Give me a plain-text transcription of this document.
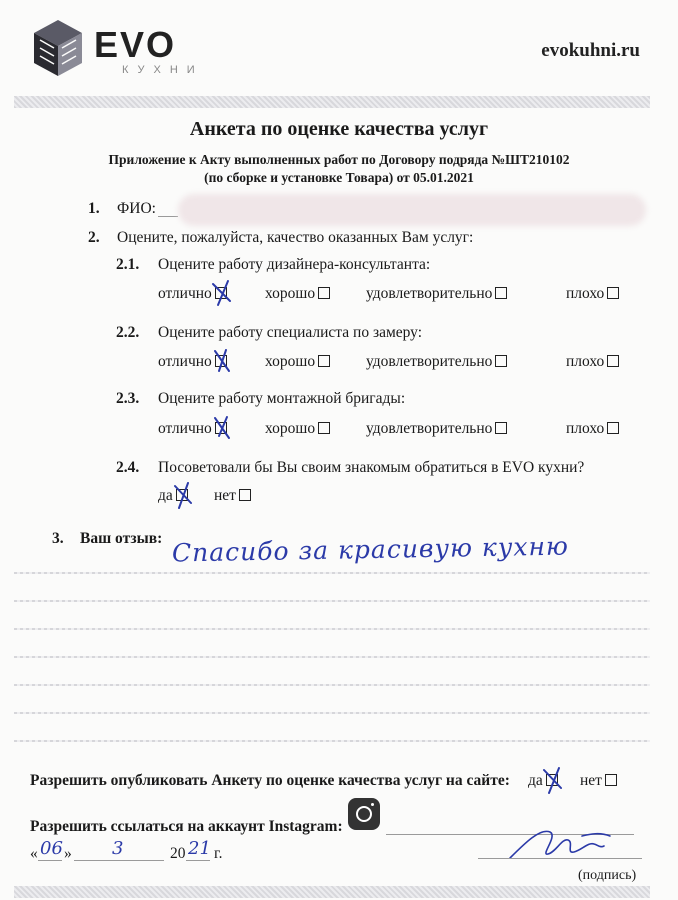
EVO
КУХНИ
evokuhni.ru
Анкета по оценке качества услуг
Приложение к Акту выполненных работ по Договору подряда №ШТ210102
(по сборке и установке Товара) от 05.01.2021
1. ФИО:
2. Оцените, пожалуйста, качество оказанных Вам услуг:
2.1. Оцените работу дизайнера-консультанта:
отлично	хорошо	удовлетворительно	плохо
2.2. Оцените работу специалиста по замеру:
отлично	хорошо	удовлетворительно	плохо
2.3. Оцените работу монтажной бригады:
отлично	хорошо	удовлетворительно	плохо
2.4. Посоветовали бы Вы своим знакомым обратиться в EVO кухни?
да	нет
3. Ваш отзыв: Спасибо за красивую кухню
Разрешить опубликовать Анкету по оценке качества услуг на сайте: да	нет
Разрешить ссылаться на аккаунт Instagram:
« 06 » 3	20 21 г.
(подпись)
